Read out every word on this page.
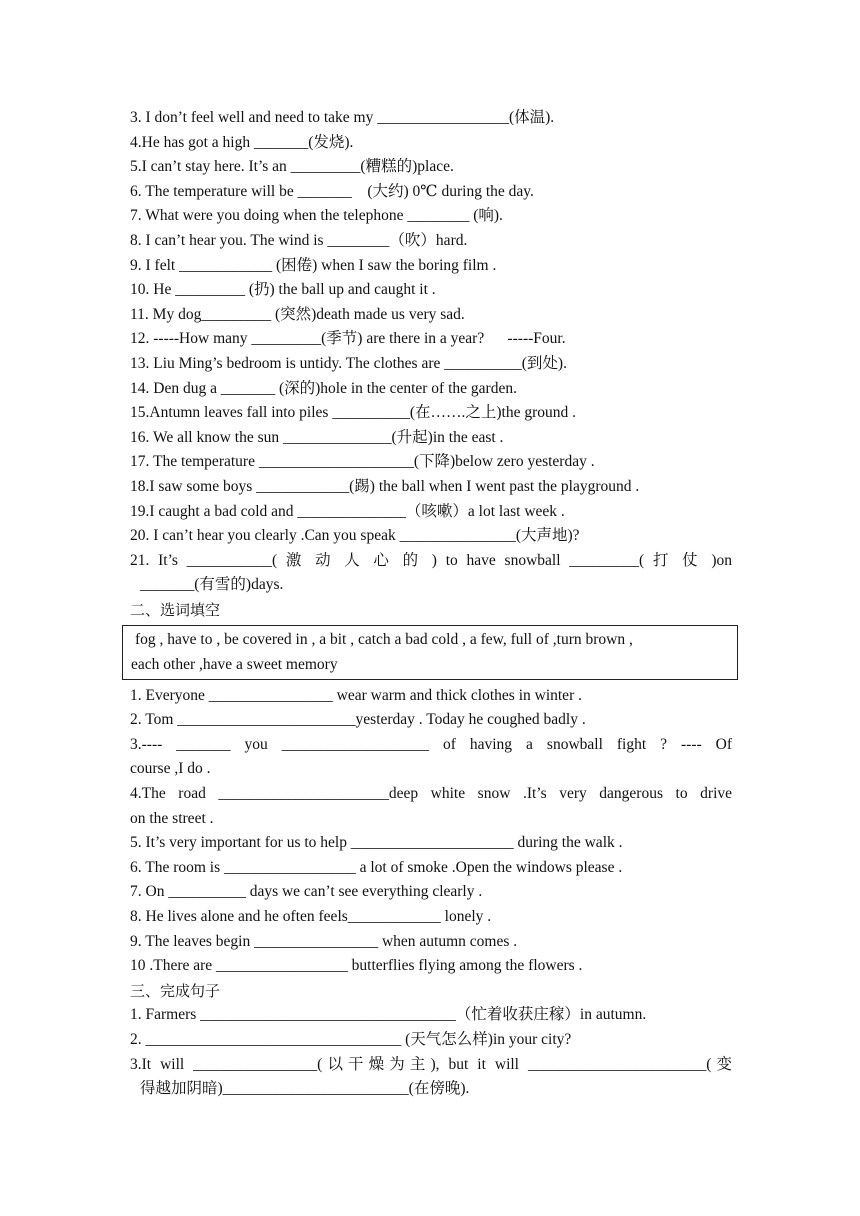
3. I don’t feel well and need to take my _________________(体温).
4.He has got a high _______(发烧).
5.I can’t stay here. It’s an _________(糟糕的)place.
6. The temperature will be _______    (大约) 0℃ during the day.
7. What were you doing when the telephone ________ (响).
8. I can’t hear you. The wind is ________（吹）hard.
9. I felt ____________ (困倦) when I saw the boring film .
10. He _________ (扔) the ball up and caught it .
11. My dog_________ (突然)death made us very sad.
12. -----How many _________(季节) are there in a year?      -----Four.
13. Liu Ming’s bedroom is untidy. The clothes are __________(到处).
14. Den dug a _______ (深的)hole in the center of the garden.
15.Antumn leaves fall into piles __________(在…….之上)the ground .
16. We all know the sun ______________(升起)in the east .
17. The temperature ____________________(下降)below zero yesterday .
18.I saw some boys ____________(踢) the ball when I went past the playground .
19.I caught a bad cold and ______________（咳嗽）a lot last week .
20. I can’t hear you clearly .Can you speak _______________(大声地)?
21. It’s ___________( 激 动 人 心 的 ) to have snowball _________( 打 仗 )on
_______(有雪的)days.
二、选词填空
fog , have to , be covered in , a bit , catch a bad cold , a few, full of ,turn brown ,
each other ,have a sweet memory
1. Everyone ________________ wear warm and thick clothes in winter .
2. Tom _______________________yesterday . Today he coughed badly .
3.---- _______ you ___________________ of having a snowball fight ? ---- Of
course ,I do .
4.The road ______________________deep white snow .It’s very dangerous to drive
on the street .
5. It’s very important for us to help _____________________ during the walk .
6. The room is _________________ a lot of smoke .Open the windows please .
7. On __________ days we can’t see everything clearly .
8. He lives alone and he often feels____________ lonely .
9. The leaves begin ________________ when autumn comes .
10 .There are _________________ butterflies flying among the flowers .
三、完成句子
1. Farmers _________________________________（忙着收获庄稼）in autumn.
2. _________________________________ (天气怎么样)in your city?
3.It will ________________(以干燥为主), but it will _______________________(变
得越加阴暗)________________________(在傍晚).
